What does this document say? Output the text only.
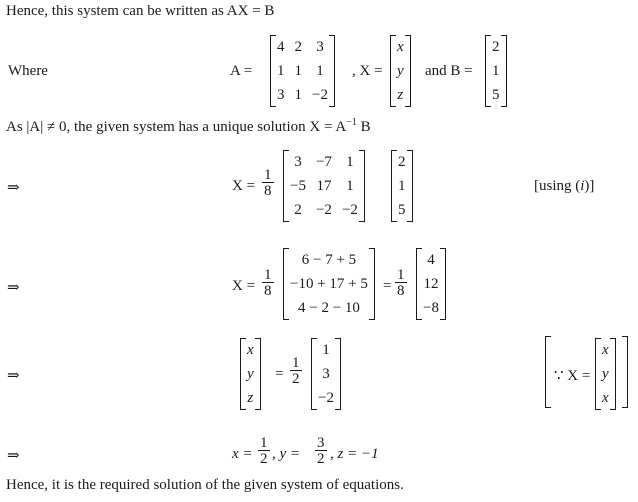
Hence, this system can be written as AX = B
Where	A =
4	2	3
1	1	1
3	1	−2
, X =
x
y
z
and B =
2
1
5
As |A| ≠ 0, the given system has a unique solution $X = A^{-1}$ B
⇒	$X = \frac{1}{8}$
3	−7	1
−5	17	1
2	−2	−2
2
1
5
[using (i)]
⇒	$X = \frac{1}{8}$
6 − 7 + 5
−10 + 17 + 5
4 − 2 − 10
= $\frac{1}{8}$
4
12
−8
⇒
x
y
z
= $\frac{1}{2}$
1
3
−2
∵ X =
x
y
x
⇒	$x = \frac{1}{2}$ , $y = \frac{3}{2}$ , z = −1
Hence, it is the required solution of the given system of equations.
